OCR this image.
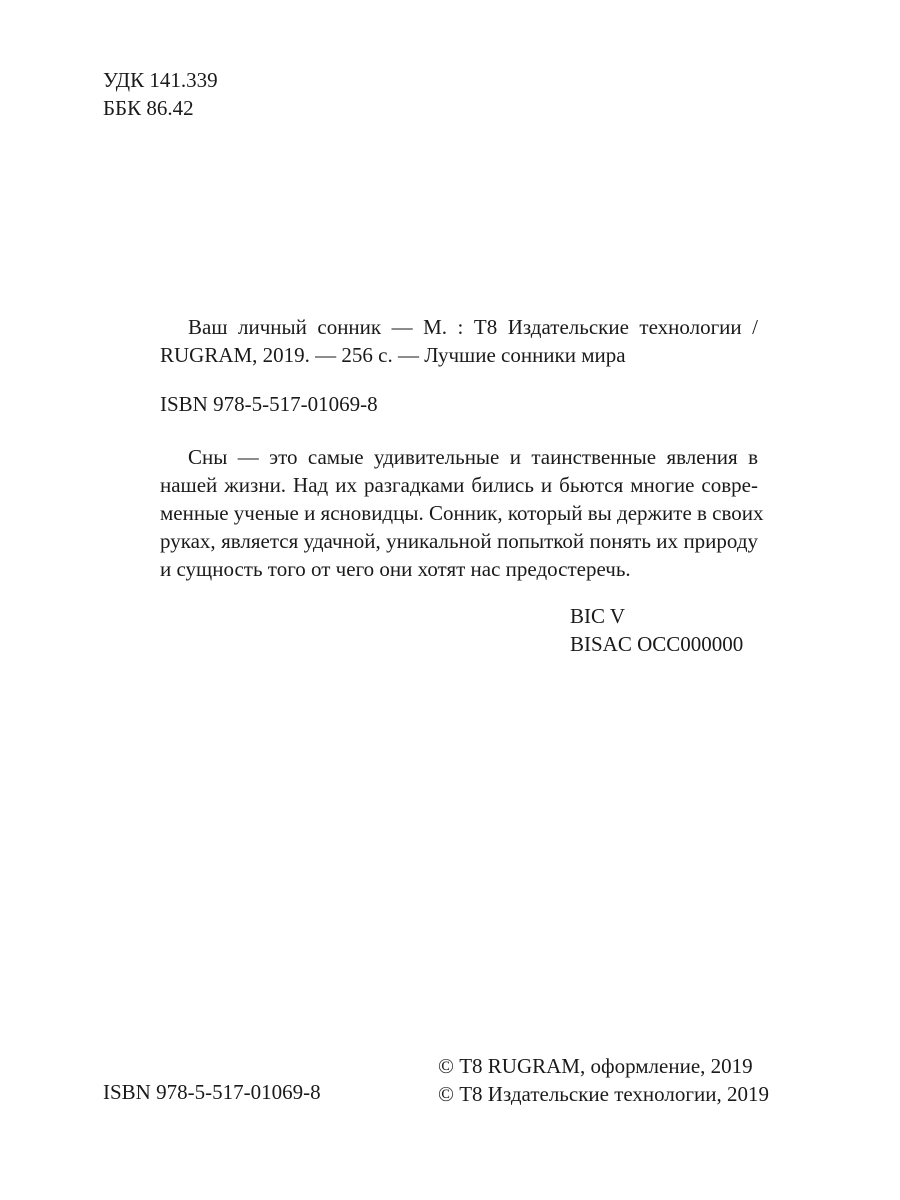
УДК 141.339
ББК 86.42
Ваш личный сонник — М. : Т8 Издательские технологии /
RUGRAM, 2019. — 256 с. — Лучшие сонники мира
ISBN 978-5-517-01069-8
Сны — это самые удивительные и таинственные явления в
нашей жизни. Над их разгадками бились и бьются многие совре-
менные ученые и ясновидцы. Сонник, который вы держите в своих
руках, является удачной, уникальной попыткой понять их природу
и сущность того от чего они хотят нас предостеречь.
BIC V
BISAC OCC000000
© Т8 RUGRAM, оформление, 2019
© Т8 Издательские технологии, 2019
ISBN 978-5-517-01069-8
